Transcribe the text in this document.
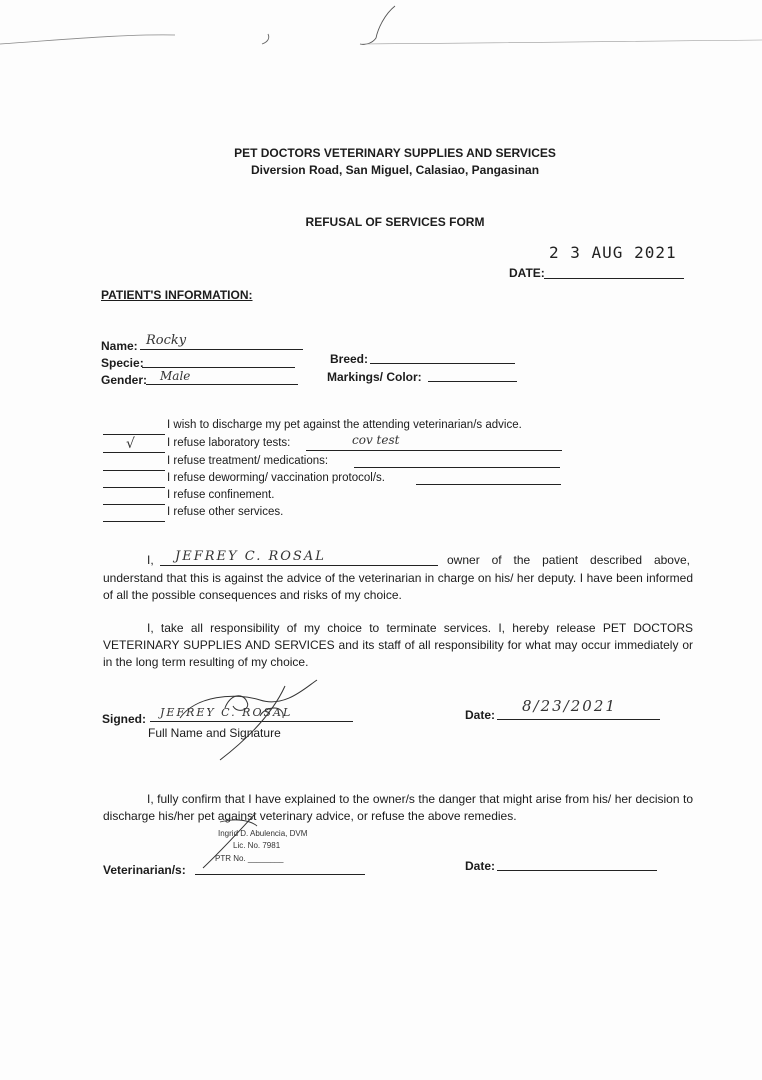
PET DOCTORS VETERINARY SUPPLIES AND SERVICES
Diversion Road, San Miguel, Calasiao, Pangasinan
REFUSAL OF SERVICES FORM
2 3 AUG 2021
DATE:
PATIENT'S INFORMATION:
Name: Rocky
Specie:
Gender: Male
Breed:
Markings/ Color:
I wish to discharge my pet against the attending veterinarian/s advice.
√	I refuse laboratory tests:	cov test
I refuse treatment/ medications:
I refuse deworming/ vaccination protocol/s.
I refuse confinement.
I refuse other services.
I, JEFREY C. ROSAL	owner of the patient described above,
understand that this is against the advice of the veterinarian in charge on his/ her deputy. I have been informed of all the possible consequences and risks of my choice.
I, take all responsibility of my choice to terminate services. I, hereby release PET DOCTORS VETERINARY SUPPLIES AND SERVICES and its staff of all responsibility for what may occur immediately or in the long term resulting of my choice.
Signed: JEFREY C. ROSAL
Full Name and Signature
Date: 8/23/2021
I, fully confirm that I have explained to the owner/s the danger that might arise from his/ her decision to discharge his/her pet against veterinary advice, or refuse the above remedies.
Ingrid D. Abulencia, DVM
Lic. No. 7981
PTR No. ________
Veterinarian/s:	Date:
